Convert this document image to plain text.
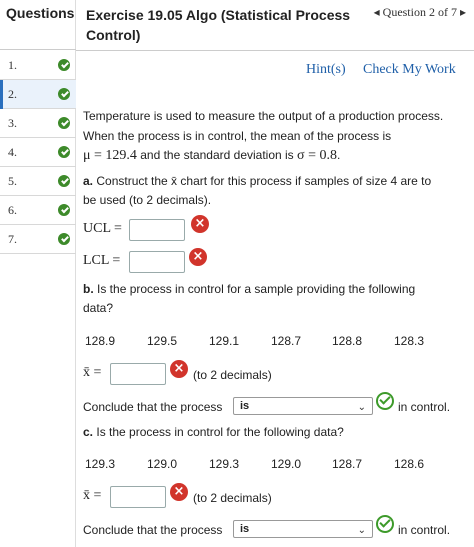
Questions
1.
2.
3.
4.
5.
6.
7.
Exercise 19.05 Algo (Statistical Process Control)
◂ Question 2 of 7 ▸
Hint(s) Check My Work
Temperature is used to measure the output of a production process.
When the process is in control, the mean of the process is
μ = 129.4 and the standard deviation is σ = 0.8.
a. Construct the x̄ chart for this process if samples of size 4 are to
be used (to 2 decimals).
UCL =	×
LCL =	×
b. Is the process in control for a sample providing the following
data?
128.9	129.5	129.1	128.7	128.8	128.3
x̄ =	× (to 2 decimals)
Conclude that the process	is	⌄	in control.
c. Is the process in control for the following data?
129.3	129.0	129.3	129.0	128.7	128.6
x̄ =	× (to 2 decimals)
Conclude that the process	is	⌄	in control.
